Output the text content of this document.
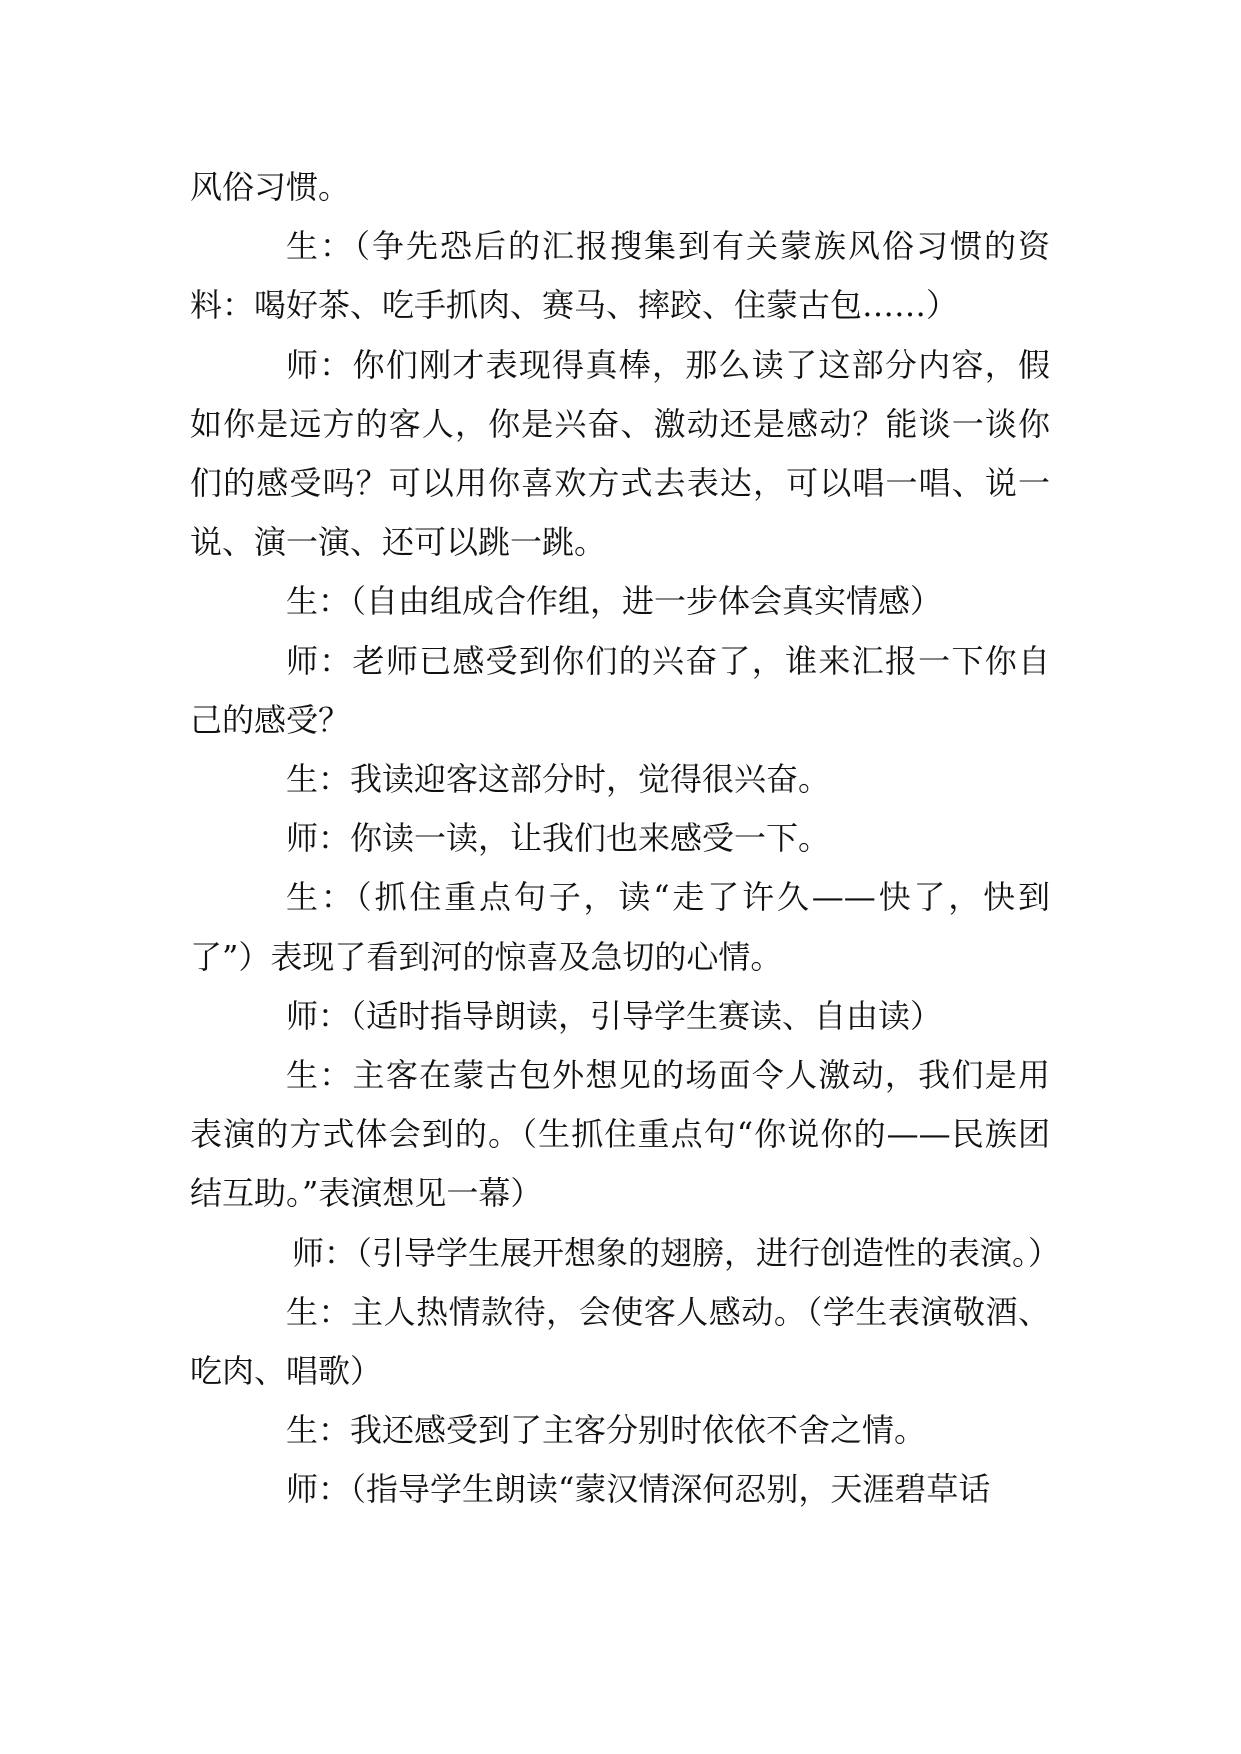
风俗习惯。

生：（争先恐后的汇报搜集到有关蒙族风俗习惯的资料：喝好茶、吃手抓肉、赛马、摔跤、住蒙古包……）

师：你们刚才表现得真棒，那么读了这部分内容，假如你是远方的客人，你是兴奋、激动还是感动？能谈一谈你们的感受吗？可以用你喜欢方式去表达，可以唱一唱、说一说、演一演、还可以跳一跳。

生：（自由组成合作组，进一步体会真实情感）

师：老师已感受到你们的兴奋了，谁来汇报一下你自己的感受？

生：我读迎客这部分时，觉得很兴奋。

师：你读一读，让我们也来感受一下。

生：（抓住重点句子，读“走了许久——快了，快到了”）表现了看到河的惊喜及急切的心情。

师：（适时指导朗读，引导学生赛读、自由读）

生：主客在蒙古包外想见的场面令人激动，我们是用表演的方式体会到的。（生抓住重点句“你说你的——民族团结互助。”表演想见一幕）

师：（引导学生展开想象的翅膀，进行创造性的表演。）

生：主人热情款待，会使客人感动。（学生表演敬酒、吃肉、唱歌）

生：我还感受到了主客分别时依依不舍之情。

师：（指导学生朗读“蒙汉情深何忍别，天涯碧草话
